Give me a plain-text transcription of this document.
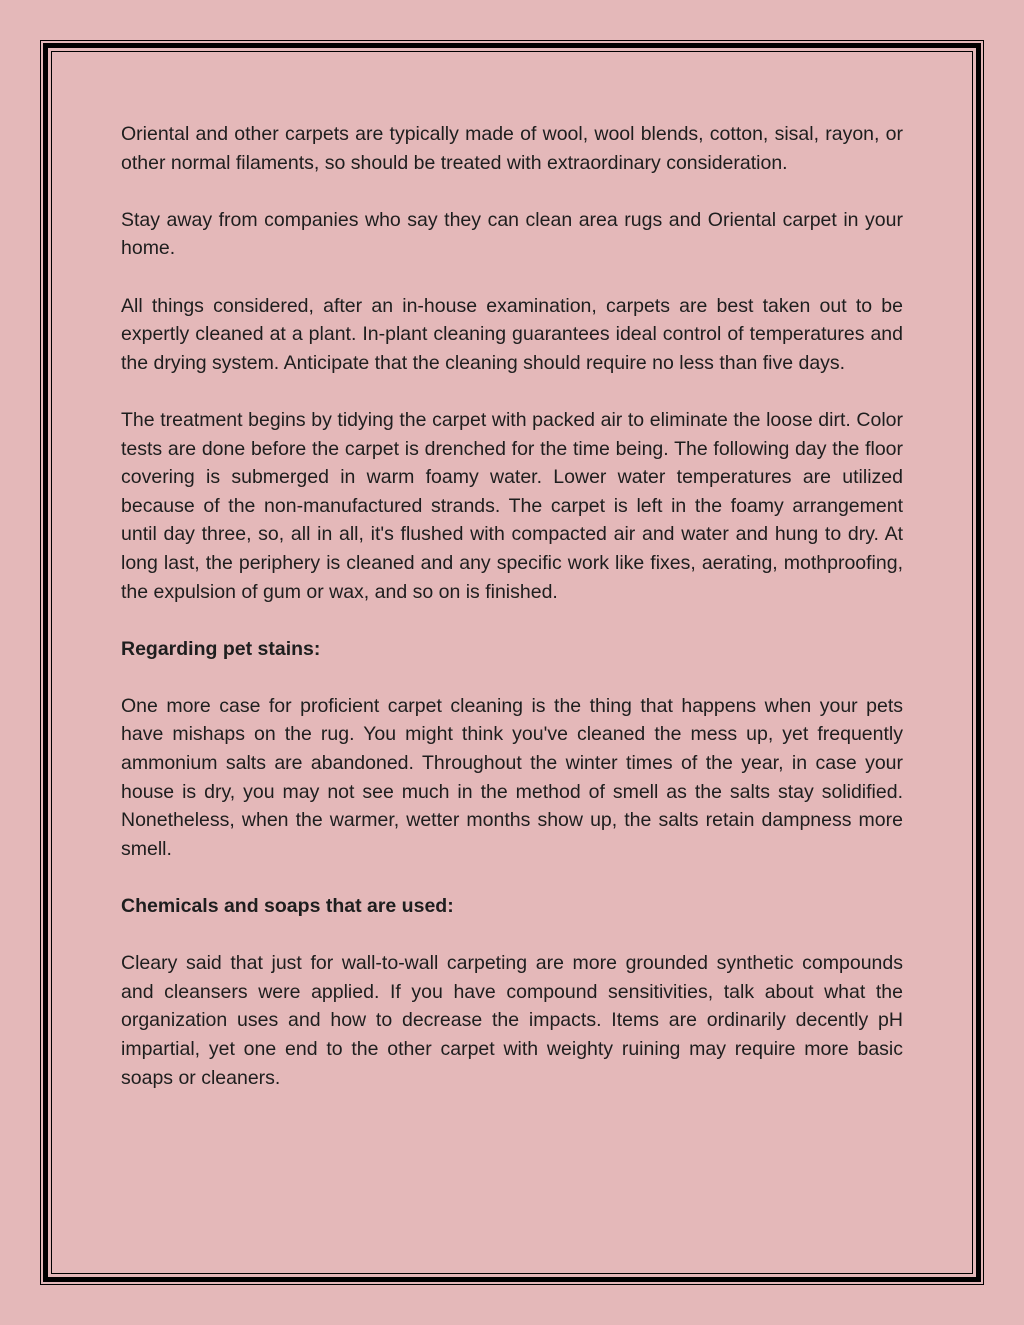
Oriental and other carpets are typically made of wool, wool blends, cotton, sisal, rayon, or other normal filaments, so should be treated with extraordinary consideration.

Stay away from companies who say they can clean area rugs and Oriental carpet in your home.

All things considered, after an in-house examination, carpets are best taken out to be expertly cleaned at a plant. In-plant cleaning guarantees ideal control of temperatures and the drying system. Anticipate that the cleaning should require no less than five days.

The treatment begins by tidying the carpet with packed air to eliminate the loose dirt. Color tests are done before the carpet is drenched for the time being. The following day the floor covering is submerged in warm foamy water. Lower water temperatures are utilized because of the non-manufactured strands. The carpet is left in the foamy arrangement until day three, so, all in all, it's flushed with compacted air and water and hung to dry. At long last, the periphery is cleaned and any specific work like fixes, aerating, mothproofing, the expulsion of gum or wax, and so on is finished.

Regarding pet stains:

One more case for proficient carpet cleaning is the thing that happens when your pets have mishaps on the rug. You might think you've cleaned the mess up, yet frequently ammonium salts are abandoned. Throughout the winter times of the year, in case your house is dry, you may not see much in the method of smell as the salts stay solidified. Nonetheless, when the warmer, wetter months show up, the salts retain dampness more smell.

Chemicals and soaps that are used:

Cleary said that just for wall-to-wall carpeting are more grounded synthetic compounds and cleansers were applied. If you have compound sensitivities, talk about what the organization uses and how to decrease the impacts. Items are ordinarily decently pH impartial, yet one end to the other carpet with weighty ruining may require more basic soaps or cleaners.
